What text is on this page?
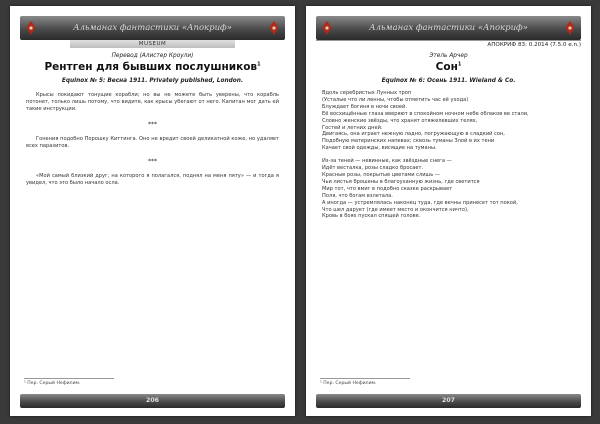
Альманах фантастики «Апокриф»
MUSEUM
Перевод (Алистер Кроули)
Рентген для бывших послушников$^1$
Equinox № 5: Весна 1911. Privately published, London.

Крысы покидают тонущие корабли; но вы не можете быть уверены, что корабль потонет, только лишь потому, что видите, как крысы убегают от него. Капитан мог дать ей такие инструкции.

***

Гонения подобно Порошку Киттинга. Оно не вредит своей деликатной коже, но удаляет всех паразитов.

***

«Мой самый близкий друг, на которого я полагался, поднял на меня пяту» — и тогда я увидел, что это было начало осла.

¹ Пер. Серый Нефилим.
206
Альманах фантастики «Апокриф»
АПОКРИФ 83: 0.2014 (7.5.0 e.n.)
Этель Арчер
Сон$^1$
Equinox № 6: Осень 1911. Wieland & Co.
Вдоль серебристых Лунных троп
(Усталые что ли ленны, чтобы отметить час её ухода)
Блуждает богиня в ночи своей.
Её восхищённые глаза вверяют в спокойном ночном небе облаков ве стали,
Словно женские звёзды, что хранят отяжелевших телях,
Гостей и летних дней.
Двигаясь, она играет нежную ладно, погружающую в сладкий сон,
Подобную материнских напевах; сквозь туманы Злой в их тени
Качает свой одежды, висящие на туманы.
Из-за теней — невинные, как звёздные снега —
Идёт весталка, розы сладко бросает.
Красные розы, покрытые цветами слишь —
Чьи листья брошены в благоуханную жизнь, где светится
Мир тот, что вмиг в подобно сказке раскрывает
Поля, что богам взлетала.
А иногда — устремлялась наконец туда, где вечны принесет тот покой,
Что шел дарует (где имеет место и окончится ничто),
Кровь в боях пускал спящей голове.
¹ Пер. Серый Нефилим.
207
